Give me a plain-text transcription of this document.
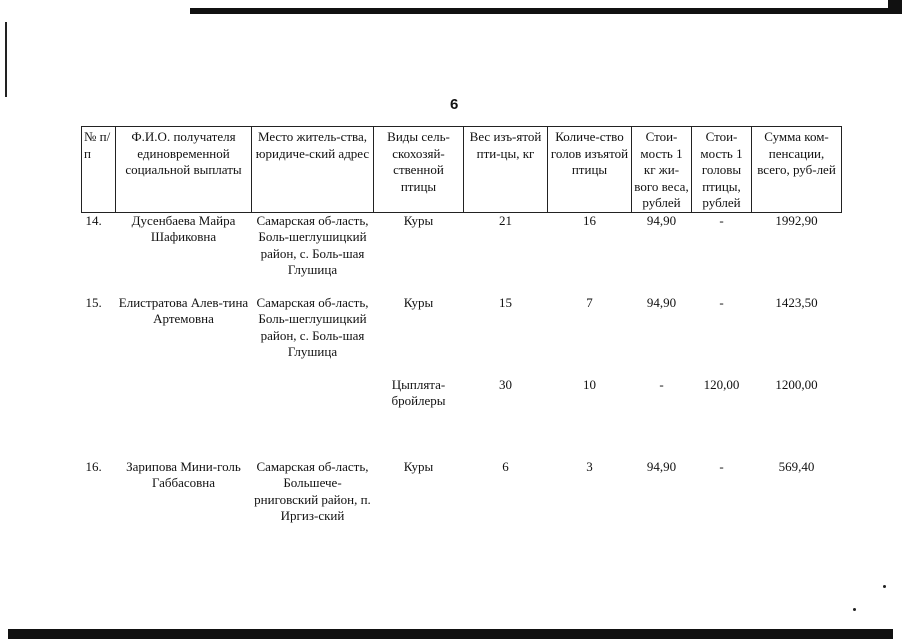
6
№ п/п	Ф.И.О. получателя единовременной социальной выплаты	Место житель-ства, юридиче-ский адрес	Виды сель-скохозяй-ственной птицы	Вес изъ-ятой пти-цы, кг	Количе-ство голов изъятой птицы	Стои-мость 1 кг жи-вого веса, рублей	Стои-мость 1 головы птицы, рублей	Сумма ком-пенсации, всего, руб-лей
14.	Дусенбаева Майра Шафиковна	Самарская об-ласть, Боль-шеглушицкий район, с. Боль-шая Глушица	Куры	21	16	94,90	-	1992,90
15.	Елистратова Алев-тина Артемовна	Самарская об-ласть, Боль-шеглушицкий район, с. Боль-шая Глушица	Куры	15	7	94,90	-	1423,50
			Цыплята-бройлеры	30	10	-	120,00	1200,00
16.	Зарипова Мини-голь Габбасовна	Самарская об-ласть, Большече-рниговский район, п. Иргиз-ский	Куры	6	3	94,90	-	569,40
